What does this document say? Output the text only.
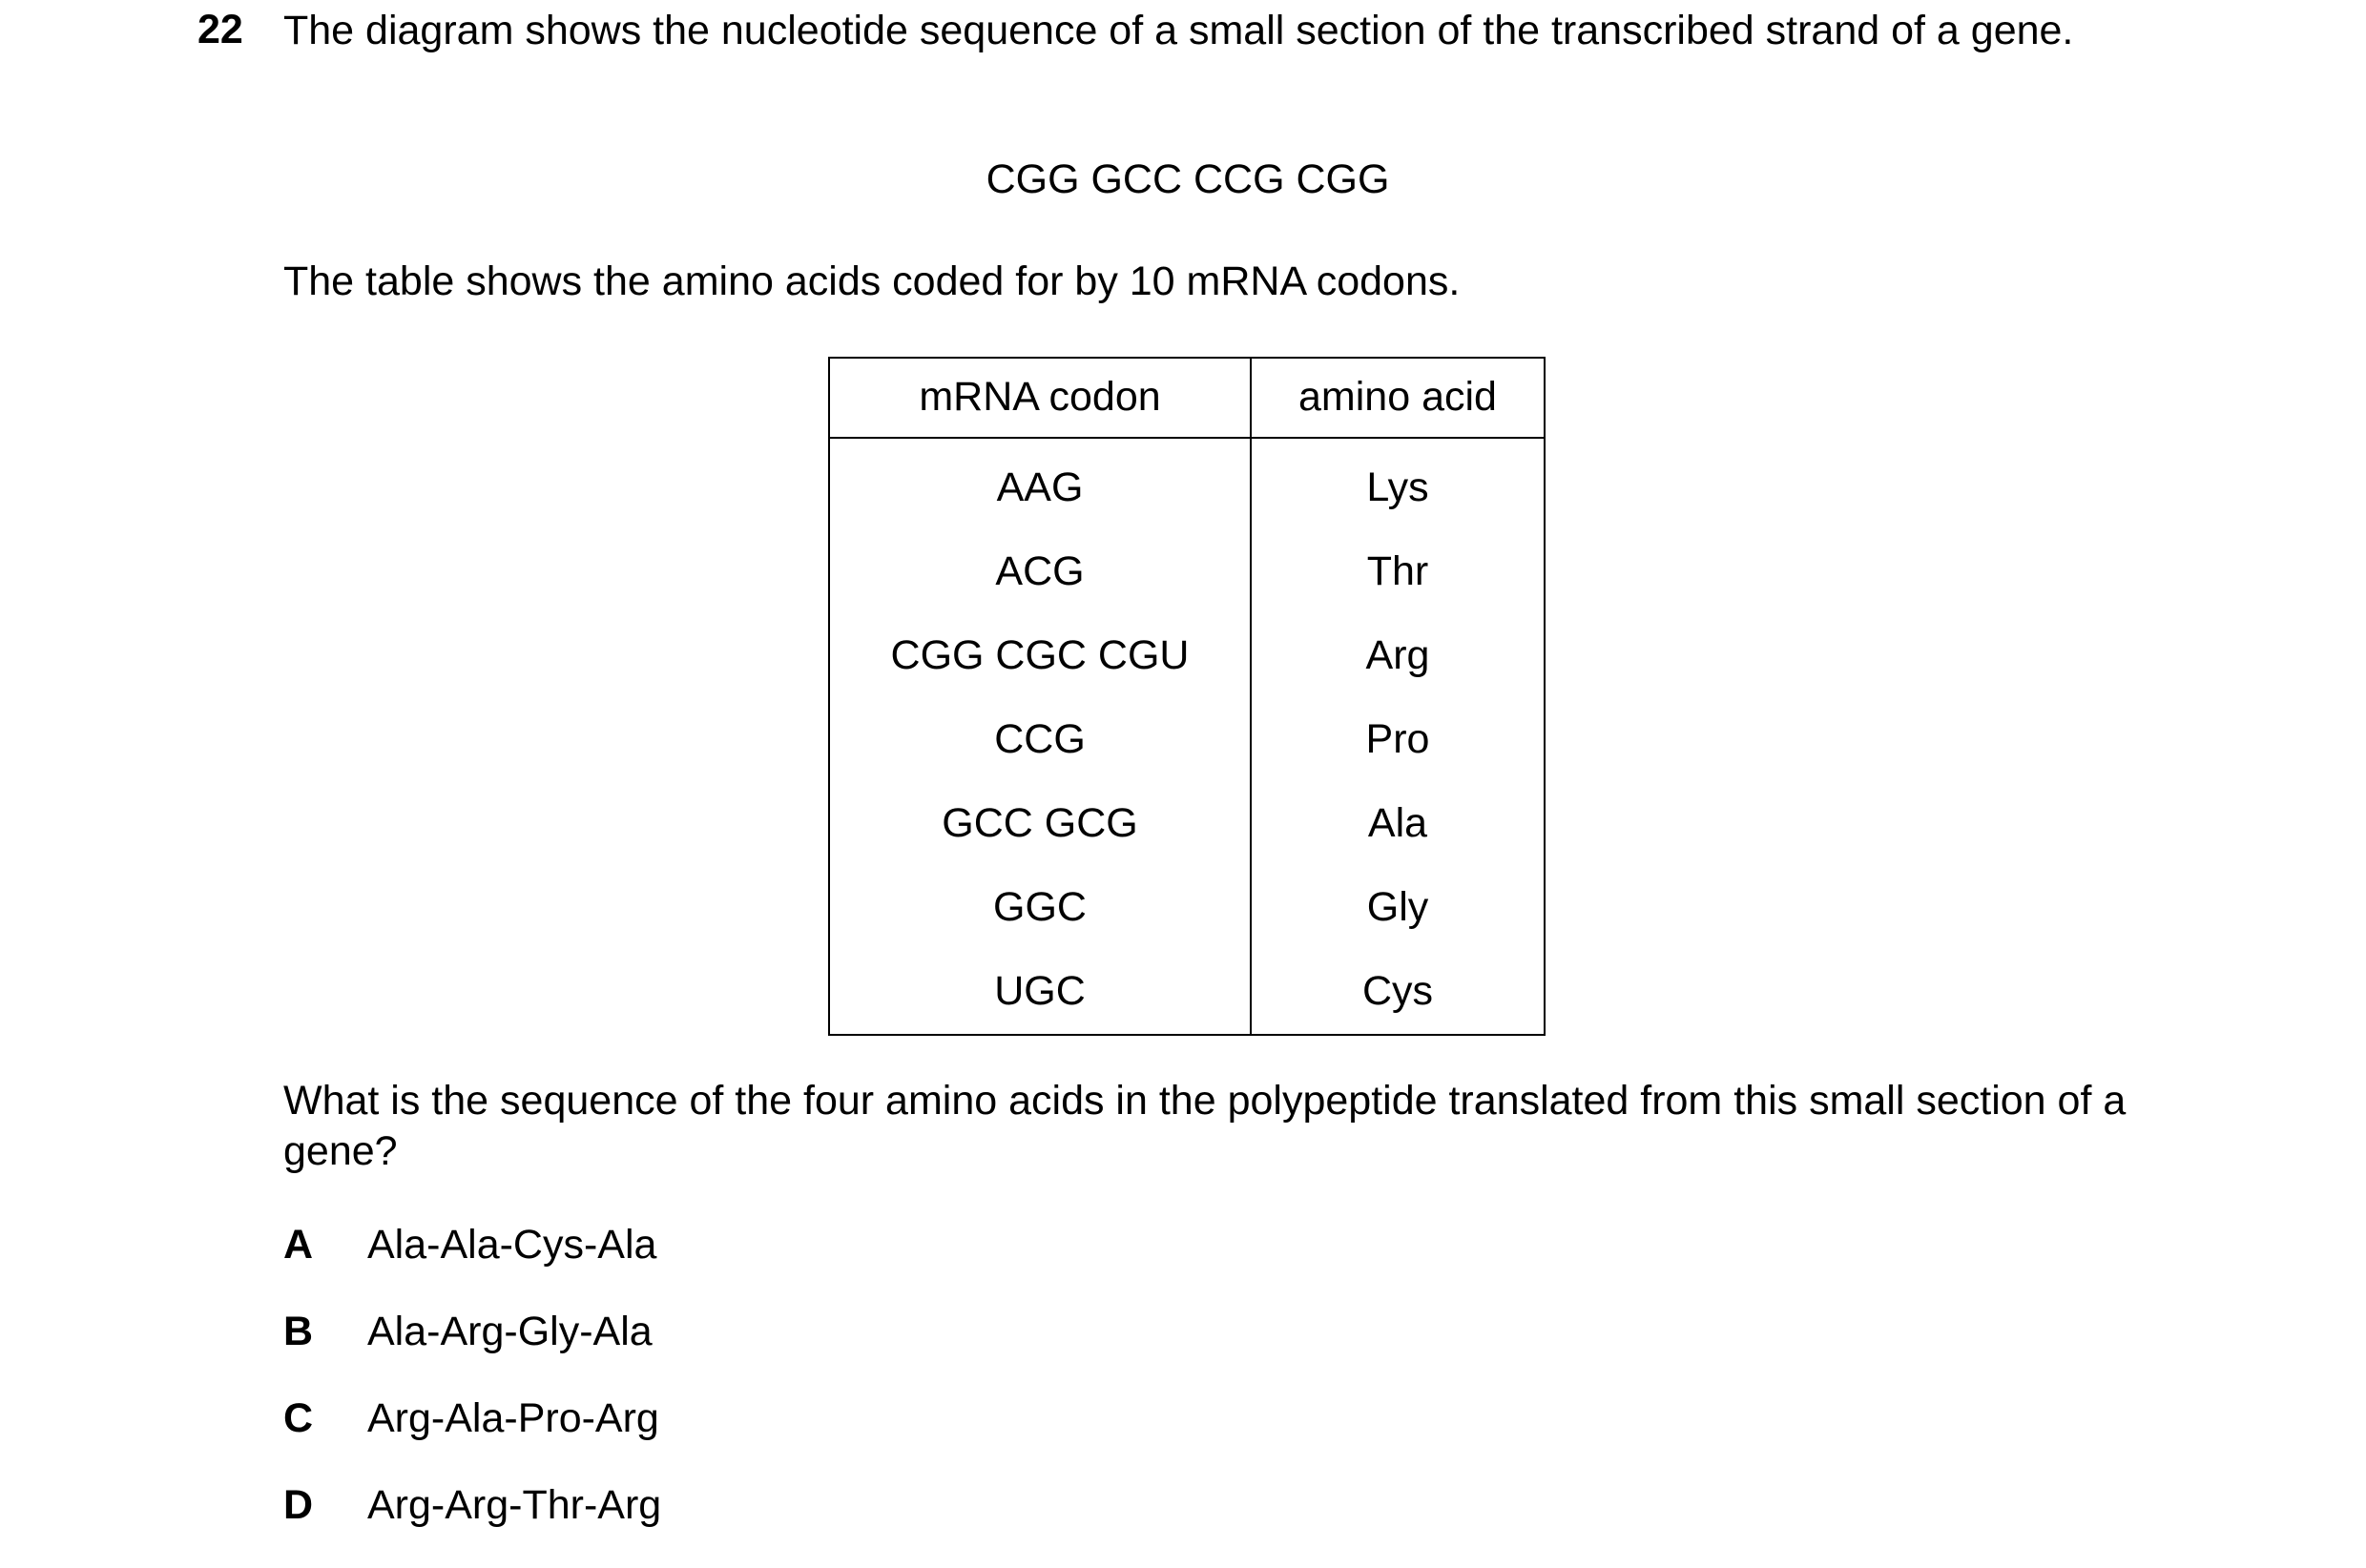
22 The diagram shows the nucleotide sequence of a small section of the transcribed strand of a gene.
CGG GCC CCG CGG
The table shows the amino acids coded for by 10 mRNA codons.
mRNA codon	amino acid
AAG	Lys
ACG	Thr
CGG CGC CGU	Arg
CCG	Pro
GCC GCG	Ala
GGC	Gly
UGC	Cys
What is the sequence of the four amino acids in the polypeptide translated from this small section of a gene?
A	Ala-Ala-Cys-Ala
B	Ala-Arg-Gly-Ala
C	Arg-Ala-Pro-Arg
D	Arg-Arg-Thr-Arg
